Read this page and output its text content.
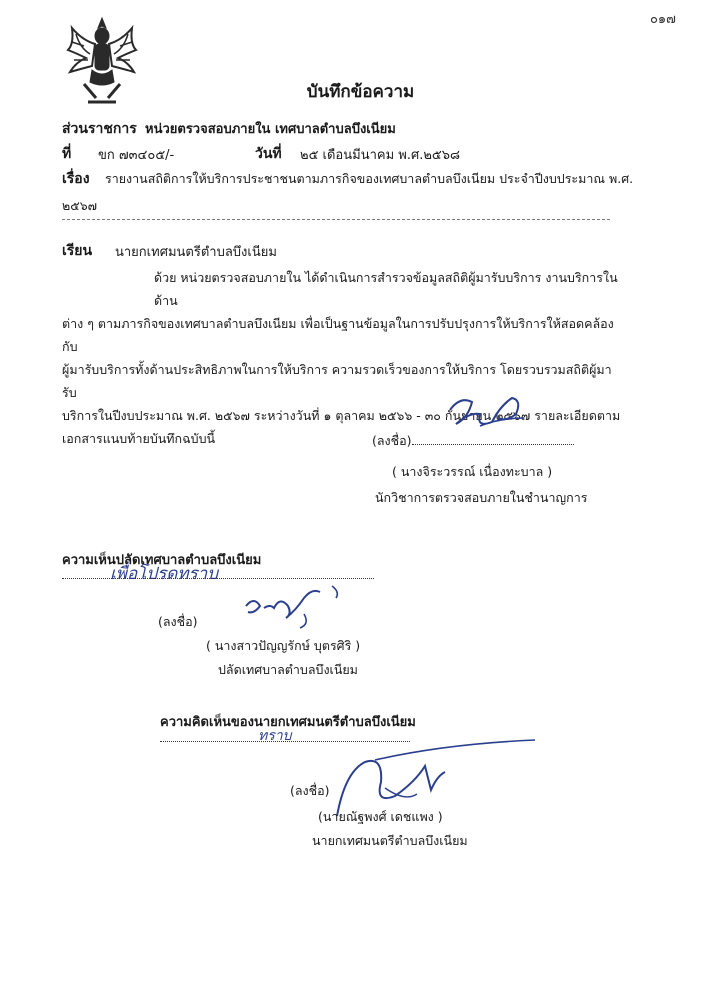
๐๑๗
บันทึกข้อความ
ส่วนราชการ หน่วยตรวจสอบภายใน เทศบาลตำบลบึงเนียม
ที่ ขก ๗๓๔๐๕/-	วันที่ ๒๕ เดือนมีนาคม พ.ศ.๒๕๖๘
เรื่อง รายงานสถิติการให้บริการประชาชนตามภารกิจของเทศบาลตำบลบึงเนียม ประจำปีงบประมาณ พ.ศ.
๒๕๖๗
เรียน นายกเทศมนตรีตำบลบึงเนียม
ด้วย หน่วยตรวจสอบภายใน ได้ดำเนินการสำรวจข้อมูลสถิติผู้มารับบริการ งานบริการในด้าน
ต่าง ๆ ตามภารกิจของเทศบาลตำบลบึงเนียม เพื่อเป็นฐานข้อมูลในการปรับปรุงการให้บริการให้สอดคล้องกับ
ผู้มารับบริการทั้งด้านประสิทธิภาพในการให้บริการ ความรวดเร็วของการให้บริการ โดยรวบรวมสถิติผู้มารับ
บริการในปีงบประมาณ พ.ศ. ๒๕๖๗ ระหว่างวันที่ ๑ ตุลาคม ๒๕๖๖ - ๓๐ กันยายน ๒๕๖๗ รายละเอียดตาม
เอกสารแนบท้ายบันทึกฉบับนี้	(ลงชื่อ)
( นางจิระวรรณ์ เนื่องทะบาล )
นักวิชาการตรวจสอบภายในชำนาญการ
ความเห็นปลัดเทศบาลตำบลบึงเนียม
เพื่อโปรดทราบ
(ลงชื่อ)
( นางสาวปัญญรักษ์ บุตรศิริ )
ปลัดเทศบาลตำบลบึงเนียม
ความคิดเห็นของนายกเทศมนตรีตำบลบึงเนียม
ทราบ
(ลงชื่อ)
(นายณัฐพงศ์ เดชแพง )
นายกเทศมนตรีตำบลบึงเนียม
